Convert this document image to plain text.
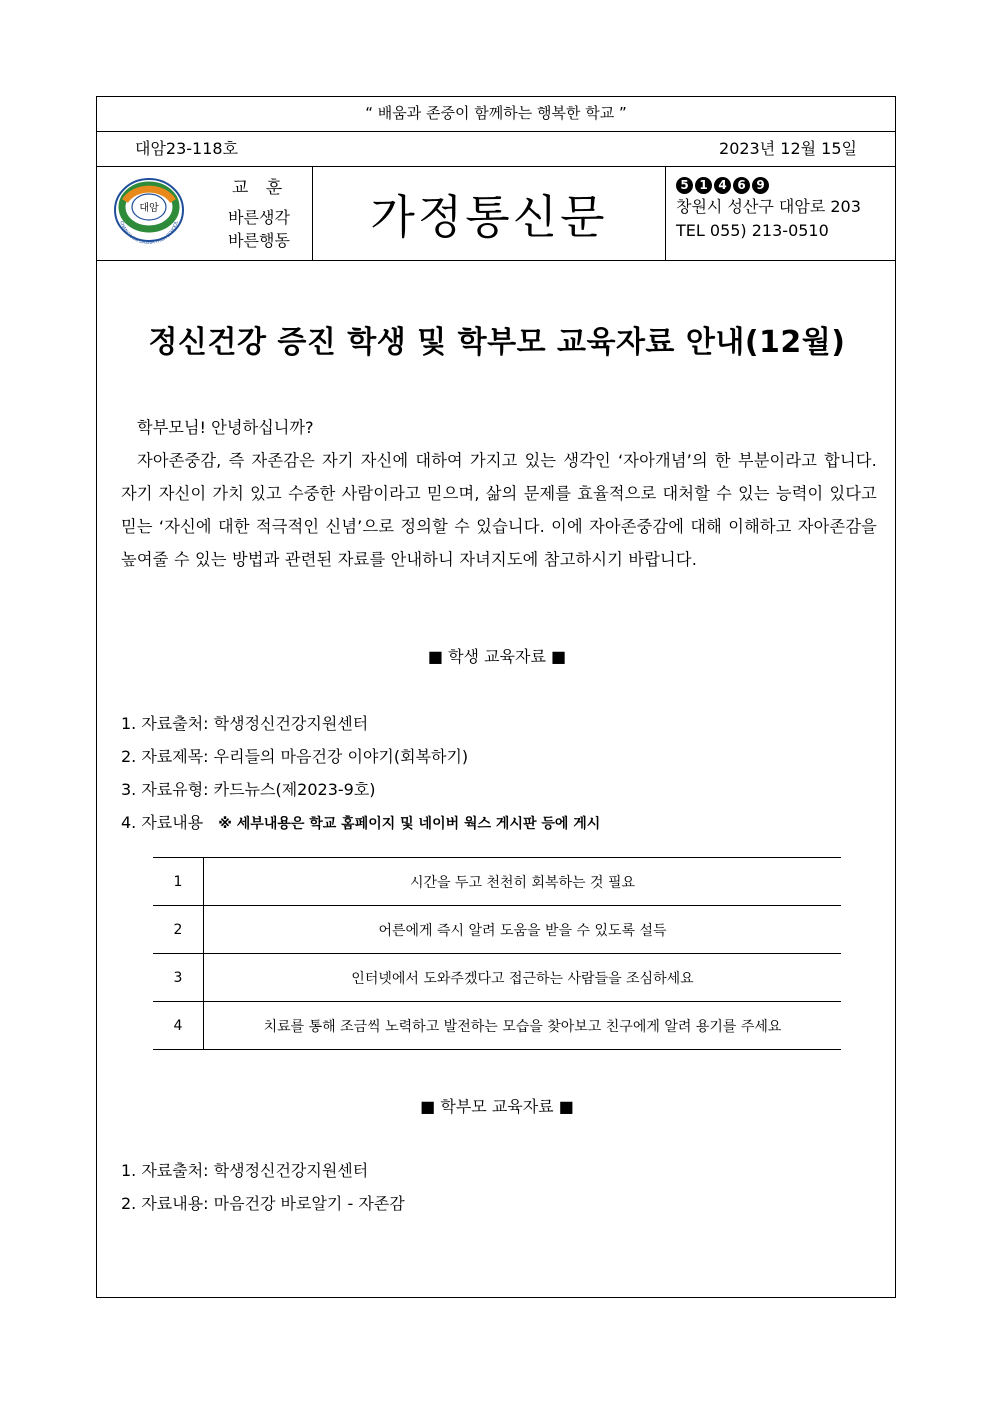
“ 배움과 존중이 함께하는 행복한 학교 ”
대암23-118호	2023년 12월 15일
대암
CHANGWON DAEAM HIGH SCHOOL
교 훈
바른생각
바른행동	가정통신문
5 1 4 6 9
창원시 성산구 대암로 203
TEL 055) 213-0510
정신건강 증진 학생 및 학부모 교육자료 안내(12월)

학부모님! 안녕하십니까?

자아존중감, 즉 자존감은 자기 자신에 대하여 가지고 있는 생각인 ‘자아개념’의 한 부분이라고 합니다. 자기 자신이 가치 있고 수중한 사람이라고 믿으며, 삶의 문제를 효율적으로 대처할 수 있는 능력이 있다고 믿는 ‘자신에 대한 적극적인 신념’으로 정의할 수 있습니다. 이에 자아존중감에 대해 이해하고 자아존감을 높여줄 수 있는 방법과 관련된 자료를 안내하니 자녀지도에 참고하시기 바랍니다.

■ 학생 교육자료 ■
1. 자료출처: 학생정신건강지원센터
2. 자료제목: 우리들의 마음건강 이야기(회복하기)
3. 자료유형: 카드뉴스(제2023-9호)
4. 자료내용 ※ 세부내용은 학교 홈페이지 및 네이버 웍스 게시판 등에 게시
1	시간을 두고 천천히 회복하는 것 필요
2	어른에게 즉시 알려 도움을 받을 수 있도록 설득
3	인터넷에서 도와주겠다고 접근하는 사람들을 조심하세요
4	치료를 통해 조금씩 노력하고 발전하는 모습을 찾아보고 친구에게 알려 용기를 주세요
■ 학부모 교육자료 ■
1. 자료출처: 학생정신건강지원센터
2. 자료내용: 마음건강 바로알기 - 자존감
